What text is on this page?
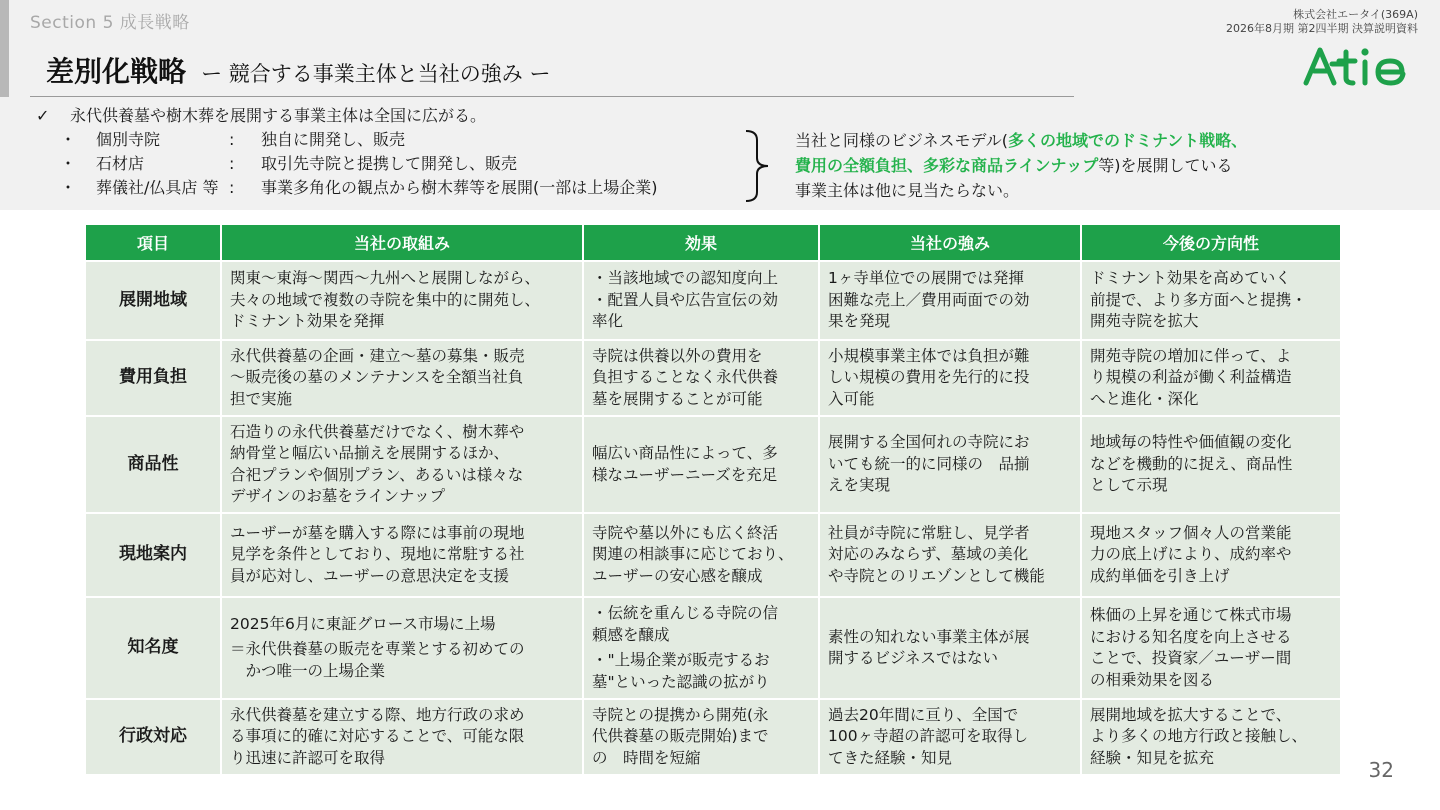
Section 5 成長戦略
差別化戦略 ー 競合する事業主体と当社の強み ー
株式会社エータイ(369A)
2026年8月期 第2四半期 決算説明資料
✓ 永代供養墓や樹木葬を展開する事業主体は全国に広がる。
・	個別寺院	:	独自に開発し、販売
・	石材店	:	取引先寺院と提携して開発し、販売
・	葬儀社/仏具店 等 :	事業多角化の観点から樹木葬等を展開(一部は上場企業)
当社と同様のビジネスモデル(多くの地域でのドミナント戦略、
費用の全額負担、多彩な商品ラインナップ等)を展開している
事業主体は他に見当たらない。
項目	当社の取組み	効果	当社の強み	今後の方向性
展開地域	関東〜東海〜関西〜九州へと展開しながら、
夫々の地域で複数の寺院を集中的に開苑し、
ドミナント効果を発揮	・当該地域での認知度向上
・配置人員や広告宣伝の効
率化	1ヶ寺単位での展開では発揮
困難な売上／費用両面での効
果を発現	ドミナント効果を高めていく
前提で、より多方面へと提携・
開苑寺院を拡大

費用負担	永代供養墓の企画・建立〜墓の募集・販売
〜販売後の墓のメンテナンスを全額当社負
担で実施	寺院は供養以外の費用を
負担することなく永代供養
墓を展開することが可能	小規模事業主体では負担が難
しい規模の費用を先行的に投
入可能	開苑寺院の増加に伴って、よ
り規模の利益が働く利益構造
へと進化・深化

商品性	石造りの永代供養墓だけでなく、樹木葬や
納骨堂と幅広い品揃えを展開するほか、
合祀プランや個別プラン、あるいは様々な
デザインのお墓をラインナップ	幅広い商品性によって、多
様なユーザーニーズを充足	展開する全国何れの寺院にお
いても統一的に同様の　品揃
えを実現	地域毎の特性や価値観の変化
などを機動的に捉え、商品性
として示現

現地案内	ユーザーが墓を購入する際には事前の現地
見学を条件としており、現地に常駐する社
員が応対し、ユーザーの意思決定を支援	寺院や墓以外にも広く終活
関連の相談事に応じており、
ユーザーの安心感を醸成	社員が寺院に常駐し、見学者
対応のみならず、墓域の美化
や寺院とのリエゾンとして機能	現地スタッフ個々人の営業能
力の底上げにより、成約率や
成約単価を引き上げ

知名度	2025年6月に東証グロース市場に上場
＝永代供養墓の販売を専業とする初めての
　かつ唯一の上場企業	・伝統を重んじる寺院の信
頼感を醸成
・"上場企業が販売するお
墓"といった認識の拡がり	素性の知れない事業主体が展
開するビジネスではない	株価の上昇を通じて株式市場
における知名度を向上させる
ことで、投資家／ユーザー間
の相乗効果を図る

行政対応	永代供養墓を建立する際、地方行政の求め
る事項に的確に対応することで、可能な限
り迅速に許認可を取得	寺院との提携から開苑(永
代供養墓の販売開始)まで
の　時間を短縮	過去20年間に亘り、全国で
100ヶ寺超の許認可を取得し
てきた経験・知見	展開地域を拡大することで、
より多くの地方行政と接触し、
経験・知見を拡充
32
